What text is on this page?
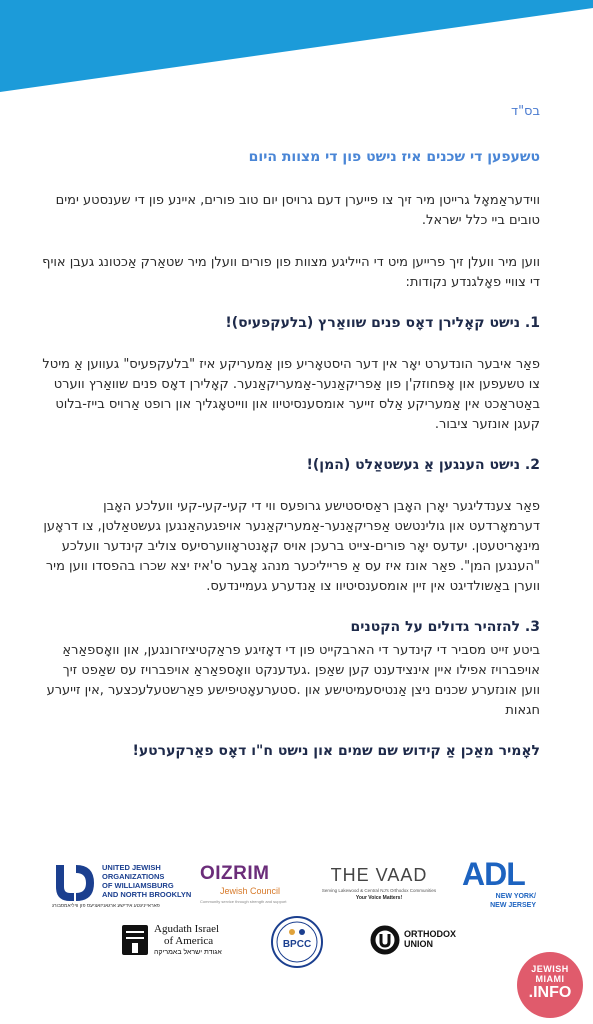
בס"ד
טשעפען די שכנים איז נישט פון די מצוות היום

ווידעראַמאָל גרייטן מיר זיך צו פייערן דעם גרויסן יום טוב פורים, איינע פון די שענסטע ימים טובים ביי כלל ישראל.

ווען מיר וועלן זיך פרייען מיט די הייליגע מצוות פון פורים וועלן מיר שטאַרק אַכטונג געבן אויף די צוויי פאָלגנדע נקודות:

1. נישט קאָלירן דאָס פנים שוואַרץ (בלעקפעיס)!

פאַר איבער הונדערט יאָר אין דער היסטאָריע פון אַמעריקע איז "בלעקפעיס" געווען אַ מיטל צו טשעפען און אָפּחוזק'ן פון אַפריקאַנער-אַמעריקאַנער. קאָלירן דאָס פנים שוואַרץ ווערט באַטראַכט אין אַמעריקע אַלס זייער אומסענסיטיוו און ווייטאָגליך און רופט אַרויס בייז-בלוט קעגן אונזער ציבור.

2. נישט הענגען אַ געשטאַלט (המן)!

פאַר צענדליגער יאָרן האָבן ראַסיסטישע גרופעס ווי די קעי-קעי-קעי וועלכע האָבן דערמאָרדעט און גולינטשט אַפריקאַנער-אַמעריקאַנער אויפגעהאַנגען געשטאַלטן, צו דראָען מינאָריטעטן. יעדעס יאָר פורים-צייט ברעכן אויס קאָנטראָווערסיעס צוליב קינדער וועלכע "הענגען המן". פאַר אונז איז עס אַ פרייליכער מנהג אָבער ס'איז יצא שכרו בהפסדו ווען מיר ווערן באַשולדיגט אין זיין אומסענסיטיוו צו אַנדערע געמיינדעס.

3. להזהיר גדולים על הקטנים

ביטע זייט מסביר די קינדער די הארבקייט פון די דאָזיגע פראַקטיציזרונגען, און וואָספאַראַ אויפברויז אפילו איין אינצידענט קען שאַפן .געדענקט וואָספאַראַ אויפברויז עס שאַפט זיך ווען אונזערע שכנים ניצן אַנטיסעמיטישע און .סטערעאָטיפישע פאַרשטעלעכצער ,אין זייערע חגאות

לאָמיר מאַכן אַ קידוש שם שמים און נישט ח"ו דאָס פאַרקערטע!
UNITED JEWISH
ORGANIZATIONS
OF WILLIAMSBURG
AND NORTH BROOKLYN
פאראייניגטע אידישע ארגאניזאציעס פון וויליאמסבורג
OIZRIM
Jewish Council
Community service through strength and support
THE VAAD
Serving Lakewood & Central NJ's Orthodox Communities
Your Voice Matters!
ADL
NEW YORK/
NEW JERSEY
Agudath Israel
of America
אגודת ישראל באמריקה
BPCC
ORTHODOX
UNION
JEWISH
MIAMI
.INFO
